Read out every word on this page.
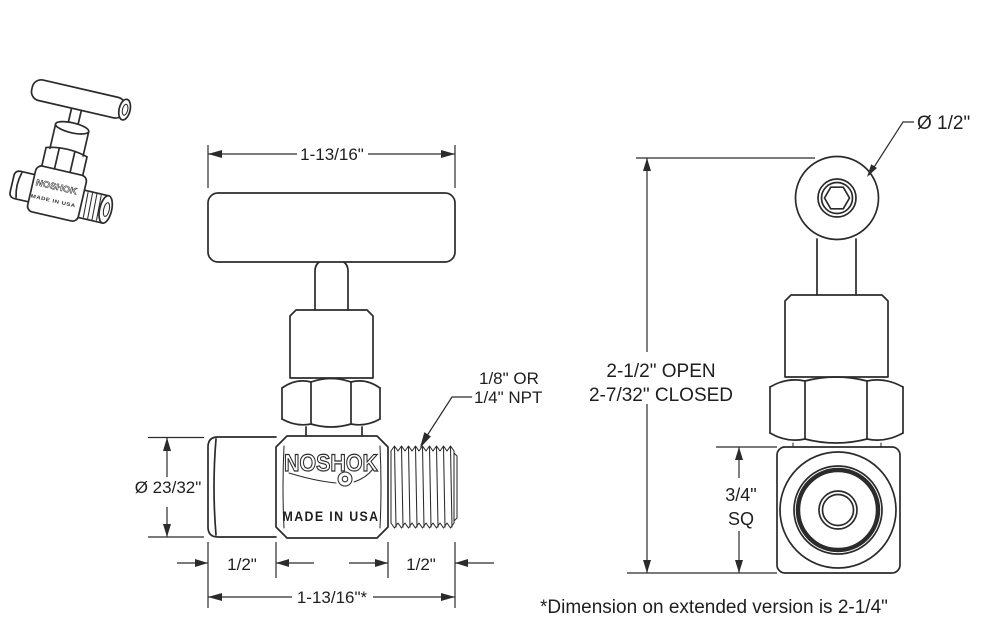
NOSHOK
MADE IN USA
NOSHOK
MADE IN USA
1-13/16"
Ø 23/32"
1/8" OR
1/4" NPT
1/2"	1/2"
1-13/16"*
Ø 1/2"
2-1/2" OPEN
2-7/32" CLOSED
3/4"
SQ
*Dimension on extended version is 2-1/4"
